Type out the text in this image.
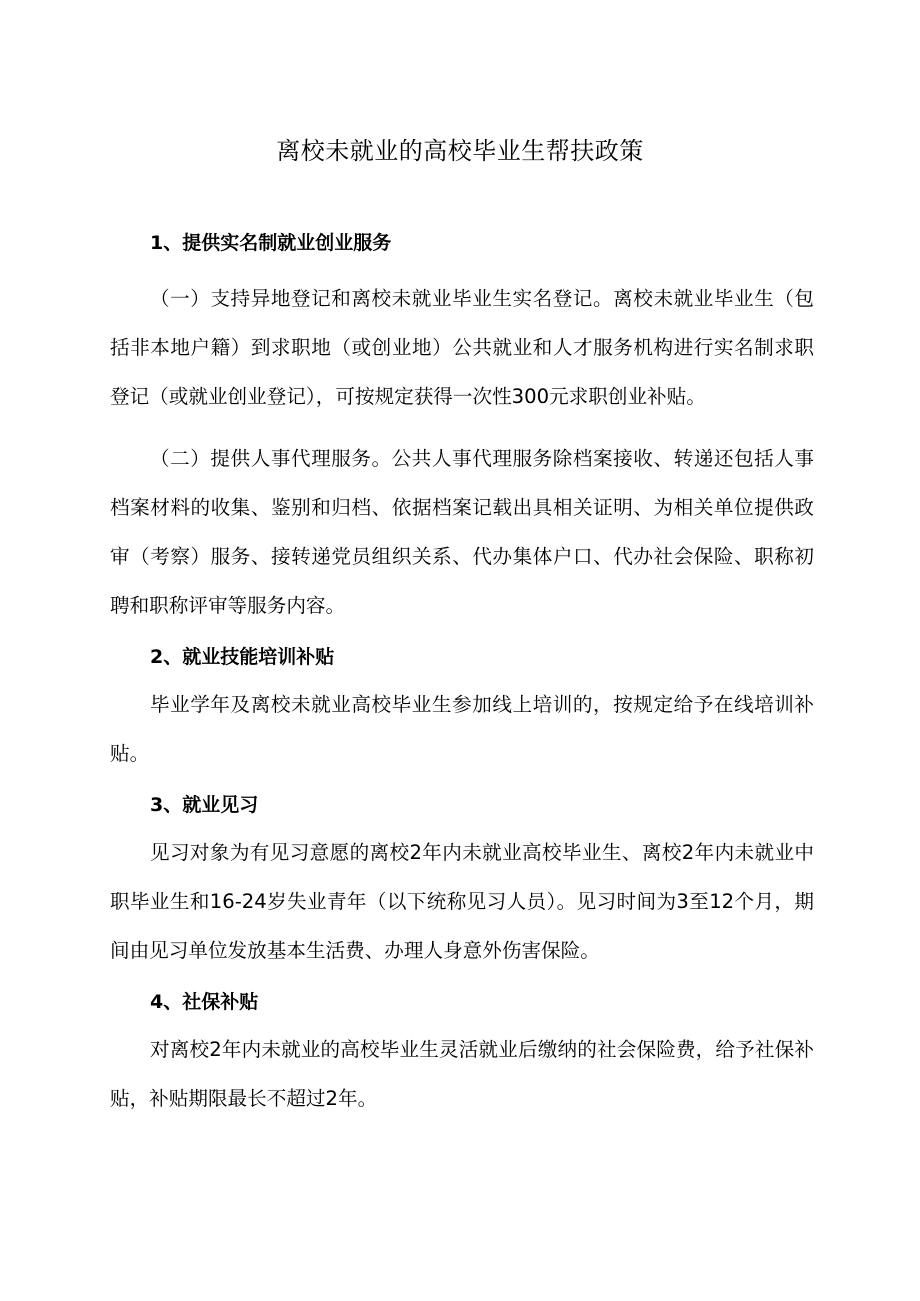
离校未就业的高校毕业生帮扶政策
1、提供实名制就业创业服务

（一）支持异地登记和离校未就业毕业生实名登记。离校未就业毕业生（包括非本地户籍）到求职地（或创业地）公共就业和人才服务机构进行实名制求职登记（或就业创业登记），可按规定获得一次性300元求职创业补贴。

（二）提供人事代理服务。公共人事代理服务除档案接收、转递还包括人事档案材料的收集、鉴别和归档、依据档案记载出具相关证明、为相关单位提供政审（考察）服务、接转递党员组织关系、代办集体户口、代办社会保险、职称初聘和职称评审等服务内容。

2、就业技能培训补贴

毕业学年及离校未就业高校毕业生参加线上培训的，按规定给予在线培训补贴。

3、就业见习

见习对象为有见习意愿的离校2年内未就业高校毕业生、离校2年内未就业中职毕业生和16-24岁失业青年（以下统称见习人员）。见习时间为3至12个月，期间由见习单位发放基本生活费、办理人身意外伤害保险。

4、社保补贴

对离校2年内未就业的高校毕业生灵活就业后缴纳的社会保险费，给予社保补贴，补贴期限最长不超过2年。
